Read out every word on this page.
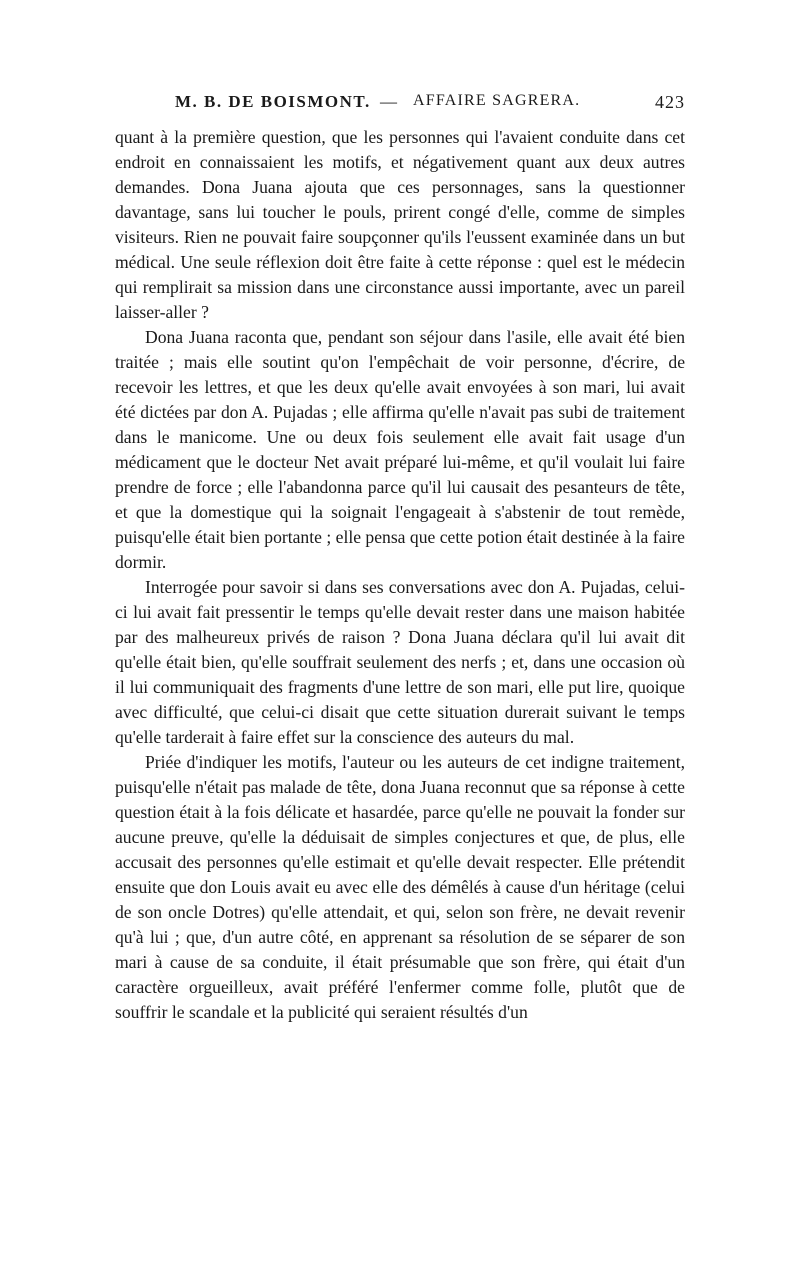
M. B. DE BOISMONT. — AFFAIRE SAGRERA.	423

quant à la première question, que les personnes qui l'avaient conduite dans cet endroit en connaissaient les motifs, et négativement quant aux deux autres demandes. Dona Juana ajouta que ces personnages, sans la questionner davantage, sans lui toucher le pouls, prirent congé d'elle, comme de simples visiteurs. Rien ne pouvait faire soupçonner qu'ils l'eussent examinée dans un but médical. Une seule réflexion doit être faite à cette réponse : quel est le médecin qui remplirait sa mission dans une circonstance aussi importante, avec un pareil laisser-aller ?

Dona Juana raconta que, pendant son séjour dans l'asile, elle avait été bien traitée ; mais elle soutint qu'on l'empêchait de voir personne, d'écrire, de recevoir les lettres, et que les deux qu'elle avait envoyées à son mari, lui avait été dictées par don A. Pujadas ; elle affirma qu'elle n'avait pas subi de traitement dans le manicome. Une ou deux fois seulement elle avait fait usage d'un médicament que le docteur Net avait préparé lui-même, et qu'il voulait lui faire prendre de force ; elle l'abandonna parce qu'il lui causait des pesanteurs de tête, et que la domestique qui la soignait l'engageait à s'abstenir de tout remède, puisqu'elle était bien portante ; elle pensa que cette potion était destinée à la faire dormir.

Interrogée pour savoir si dans ses conversations avec don A. Pujadas, celui-ci lui avait fait pressentir le temps qu'elle devait rester dans une maison habitée par des malheureux privés de raison ? Dona Juana déclara qu'il lui avait dit qu'elle était bien, qu'elle souffrait seulement des nerfs ; et, dans une occasion où il lui communiquait des fragments d'une lettre de son mari, elle put lire, quoique avec difficulté, que celui-ci disait que cette situation durerait suivant le temps qu'elle tarderait à faire effet sur la conscience des auteurs du mal.

Priée d'indiquer les motifs, l'auteur ou les auteurs de cet indigne traitement, puisqu'elle n'était pas malade de tête, dona Juana reconnut que sa réponse à cette question était à la fois délicate et hasardée, parce qu'elle ne pouvait la fonder sur aucune preuve, qu'elle la déduisait de simples conjectures et que, de plus, elle accusait des personnes qu'elle estimait et qu'elle devait respecter. Elle prétendit ensuite que don Louis avait eu avec elle des démêlés à cause d'un héritage (celui de son oncle Dotres) qu'elle attendait, et qui, selon son frère, ne devait revenir qu'à lui ; que, d'un autre côté, en apprenant sa résolution de se séparer de son mari à cause de sa conduite, il était présumable que son frère, qui était d'un caractère orgueilleux, avait préféré l'enfermer comme folle, plutôt que de souffrir le scandale et la publicité qui seraient résultés d'un
